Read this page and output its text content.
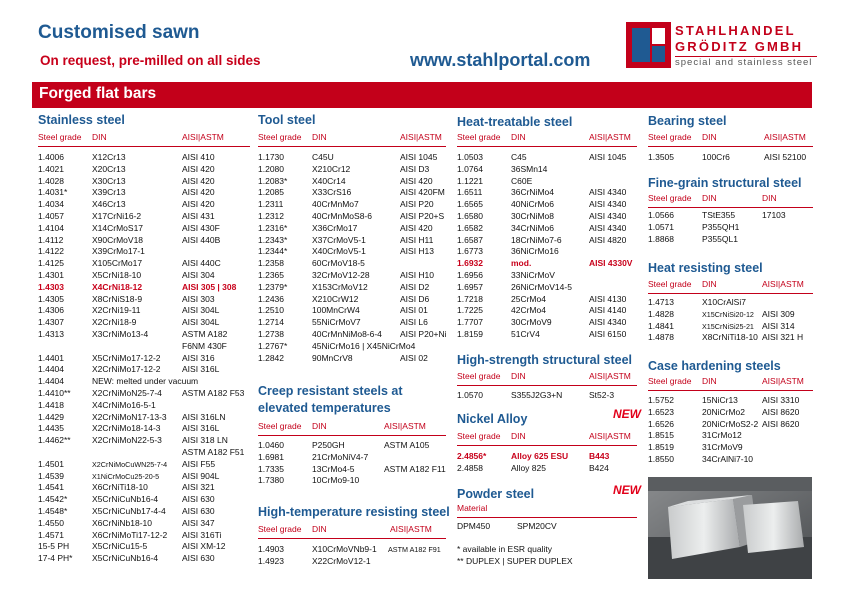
Customised sawn
On request, pre-milled on all sides	www.stahlportal.com
STAHLHANDEL
GRÖDITZ GMBH
special and stainless steel
Forged flat bars
Stainless steel
Steel grade DIN	AISI|ASTM
1.4006	X12Cr13	AISI 410
1.4021	X20Cr13	AISI 420
1.4028	X30Cr13	AISI 420
1.4031*	X39Cr13	AISI 420
1.4034	X46Cr13	AISI 420
1.4057	X17CrNi16-2	AISI 431
1.4104	X14CrMoS17	AISI 430F
1.4112	X90CrMoV18	AISI 440B
1.4122	X39CrMo17-1
1.4125	X105CrMo17	AISI 440C
1.4301	X5CrNi18-10	AISI 304
1.4303	X4CrNi18-12	AISI 305 | 308
1.4305	X8CrNiS18-9	AISI 303
1.4306	X2CrNi19-11	AISI 304L
1.4307	X2CrNi18-9	AISI 304L
1.4313	X3CrNiMo13-4	ASTM A182
F6NM 430F
1.4401	X5CrNiMo17-12-2	AISI 316
1.4404	X2CrNiMo17-12-2	AISI 316L
1.4404	NEW: melted under vacuum
1.4410**	X2CrNiMoN25-7-4 ASTM A182 F53
1.4418	X4CrNiMo16-5-1
1.4429	X2CrNiMoN17-13-3 AISI 316LN
1.4435	X2CrNiMo18-14-3	AISI 316L
1.4462**	X2CrNiMoN22-5-3 AISI 318 LN
ASTM A182 F51
1.4501	X2CrNiMoCuWN25-7-4 AISI F55
1.4539	X1NiCrMoCu25-20-5	AISI 904L
1.4541	X6CrNiTi18-10	AISI 321
1.4542*	X5CrNiCuNb16-4	AISI 630
1.4548*	X5CrNiCuNb17-4-4 AISI 630
1.4550	X6CrNiNb18-10	AISI 347
1.4571	X6CrNiMoTi17-12-2 AISI 316Ti
15-5 PH	X5CrNiCu15-5	AISI XM-12
17-4 PH* X5CrNiCuNb16-4	AISI 630
Tool steel
Steel grade DIN	AISI|ASTM
1.1730	C45U	AISI 1045
1.2080	X210Cr12	AISI D3
1.2083*	X40Cr14	AISI 420
1.2085	X33CrS16	AISI 420FM
1.2311	40CrMnMo7	AISI P20
1.2312	40CrMnMoS8-6	AISI P20+S
1.2316*	X36CrMo17	AISI 420
1.2343*	X37CrMoV5-1	AISI H11
1.2344*	X40CrMoV5-1	AISI H13
1.2358	60CrMoV18-5
1.2365	32CrMoV12-28	AISI H10
1.2379*	X153CrMoV12	AISI D2
1.2436	X210CrW12	AISI D6
1.2510	100MnCrW4	AISI 01
1.2714	55NiCrMoV7	AISI L6
1.2738	40CrMnNiMo8-6-4 AISI P20+Ni
1.2767*	45NiCrMo16 | X45NiCrMo4
1.2842	90MnCrV8	AISI 02
Creep resistant steels at
elevated temperatures
Steel grade DIN	AISI|ASTM
1.0460	P250GH	ASTM A105
1.6981	21CrMoNiV4-7
1.7335	13CrMo4-5	ASTM A182 F11
1.7380	10CrMo9-10
High-temperature resisting steel
Steel grade DIN	AISI|ASTM
1.4903	X10CrMoVNb9-1 ASTM A182 F91
1.4923	X22CrMoV12-1
Heat-treatable steel
Steel grade DIN	AISI|ASTM
1.0503	C45	AISI 1045
1.0764	36SMn14
1.1221	C60E
1.6511	36CrNiMo4	AISI 4340
1.6565	40NiCrMo6	AISI 4340
1.6580	30CrNiMo8	AISI 4340
1.6582	34CrNiMo6	AISI 4340
1.6587	18CrNiMo7-6	AISI 4820
1.6773	36NiCrMo16
1.6932	mod.	AISI 4330V
1.6956	33NiCrMoV
1.6957	26NiCrMoV14-5
1.7218	25CrMo4	AISI 4130
1.7225	42CrMo4	AISI 4140
1.7707	30CrMoV9	AISI 4340
1.8159	51CrV4	AISI 6150
High-strength structural steel
Steel grade DIN	AISI|ASTM
1.0570	S355J2G3+N	St52-3
Nickel Alloy	NEW
Steel grade DIN	AISI|ASTM
2.4856*	Alloy 625 ESU B443
2.4858	Alloy 825	B424
Powder steel	NEW
Material
DPM450	SPM20CV
* available in ESR quality
** DUPLEX | SUPER DUPLEX
Bearing steel
Steel grade DIN	AISI|ASTM
1.3505	100Cr6	AISI 52100
Fine-grain structural steel
Steel grade DIN	DIN
1.0566	TStE355	17103
1.0571	P355QH1
1.8868	P355QL1
Heat resisting steel
Steel grade DIN	AISI|ASTM
1.4713	X10CrAlSi7
1.4828	X15CrNiSi20-12 AISI 309
1.4841	X15CrNiSi25-21 AISI 314
1.4878	X8CrNiTi18-10 AISI 321 H
Case hardening steels
Steel grade DIN	AISI|ASTM
1.5752	15NiCr13	AISI 3310
1.6523	20NiCrMo2 AISI 8620
1.6526	20NiCrMoS2-2 AISI 8620
1.8515	31CrMo12
1.8519	31CrMoV9
1.8550	34CrAlNi7-10
